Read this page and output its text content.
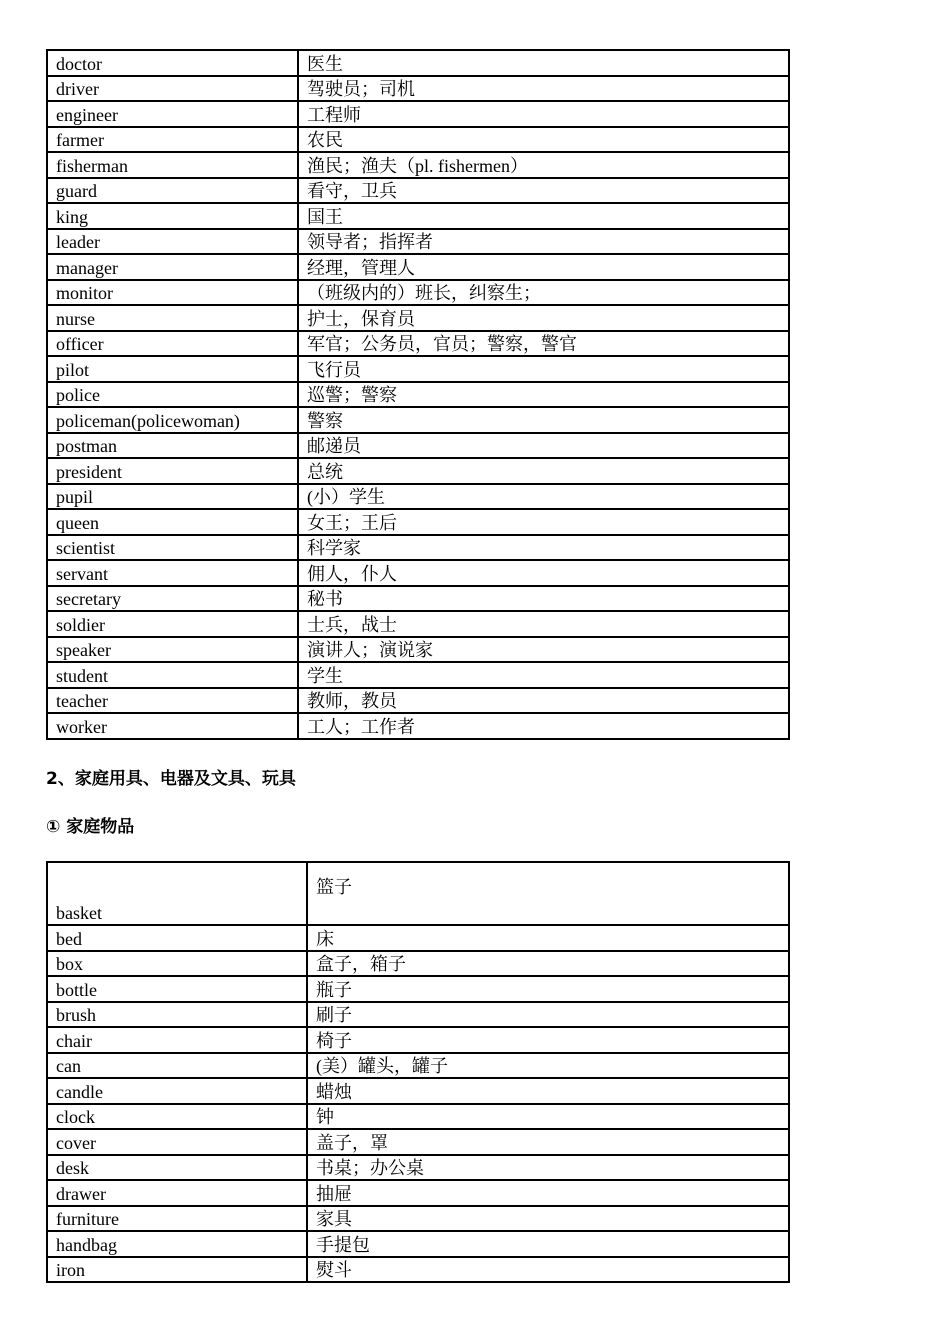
doctor	医生
driver	驾驶员；司机
engineer	工程师
farmer	农民
fisherman	渔民；渔夫（pl. fishermen）
guard	看守，卫兵
king	国王
leader	领导者；指挥者
manager	经理，管理人
monitor	（班级内的）班长，纠察生；
nurse	护士，保育员
officer	军官；公务员，官员；警察，警官
pilot	飞行员
police	巡警；警察
policeman(policewoman)	警察
postman	邮递员
president	总统
pupil	(小）学生
queen	女王；王后
scientist	科学家
servant	佣人，仆人
secretary	秘书
soldier	士兵，战士
speaker	演讲人；演说家
student	学生
teacher	教师，教员
worker	工人；工作者
2、家庭用具、电器及文具、玩具
① 家庭物品
basket	篮子
bed	床
box	盒子，箱子
bottle	瓶子
brush	刷子
chair	椅子
can	(美）罐头，罐子
candle	蜡烛
clock	钟
cover	盖子，罩
desk	书桌；办公桌
drawer	抽屉
furniture	家具
handbag	手提包
iron	熨斗
